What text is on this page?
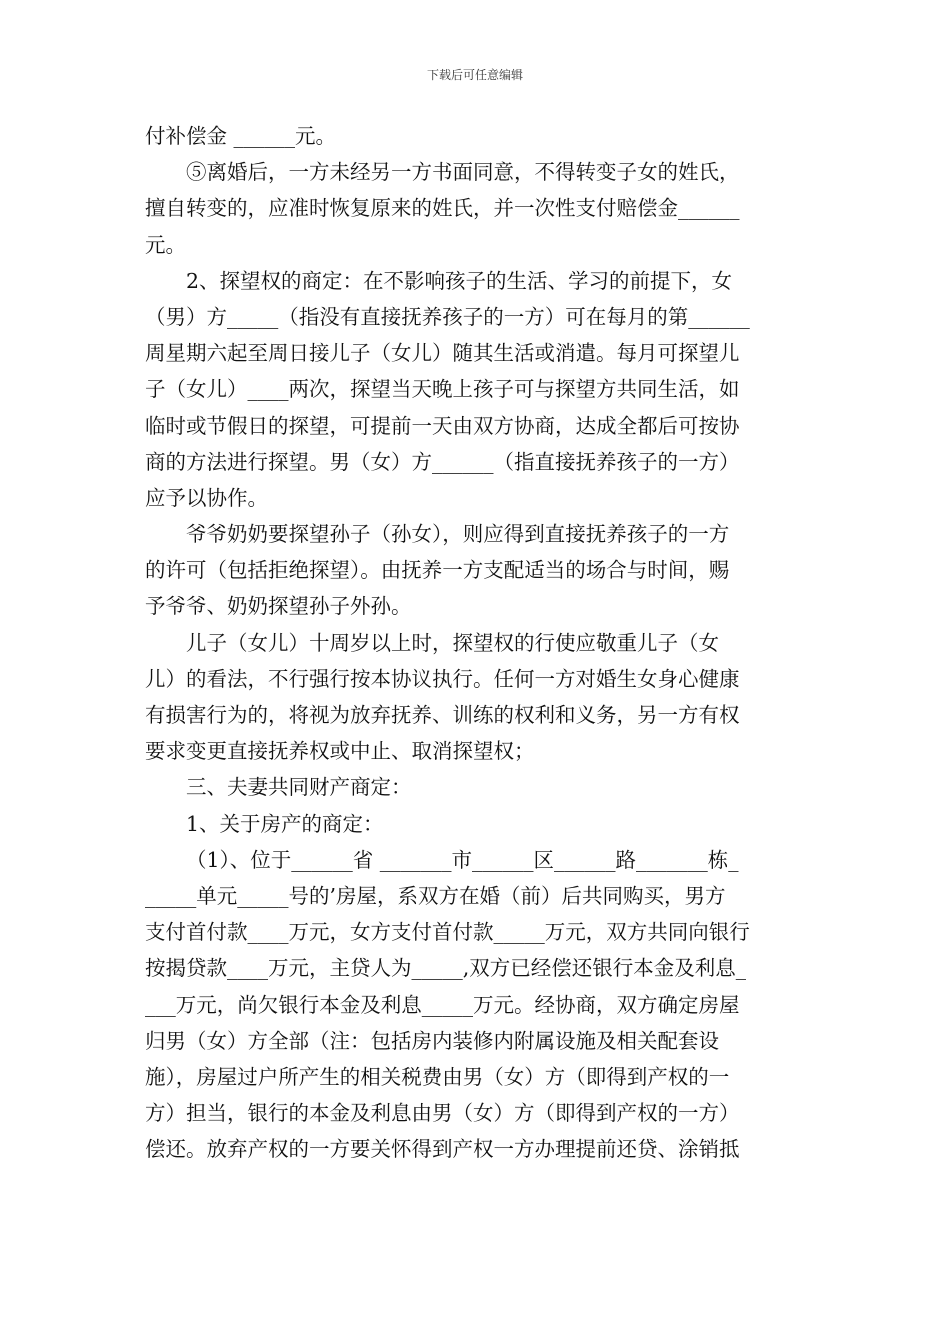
下载后可任意编辑
付补偿金 ______元。
⑤离婚后，一方未经另一方书面同意，不得转变子女的姓氏，
擅自转变的，应准时恢复原来的姓氏，并一次性支付赔偿金______
元。
2、探望权的商定：在不影响孩子的生活、学习的前提下，女
（男）方_____（指没有直接抚养孩子的一方）可在每月的第______
周星期六起至周日接儿子（女儿）随其生活或消遣。每月可探望儿
子（女儿）____两次，探望当天晚上孩子可与探望方共同生活，如
临时或节假日的探望，可提前一天由双方协商，达成全都后可按协
商的方法进行探望。男（女）方______（指直接抚养孩子的一方）
应予以协作。
爷爷奶奶要探望孙子（孙女），则应得到直接抚养孩子的一方
的许可（包括拒绝探望）。由抚养一方支配适当的场合与时间，赐
予爷爷、奶奶探望孙子外孙。
儿子（女儿）十周岁以上时，探望权的行使应敬重儿子（女
儿）的看法，不行强行按本协议执行。任何一方对婚生女身心健康
有损害行为的，将视为放弃抚养、训练的权利和义务，另一方有权
要求变更直接抚养权或中止、取消探望权；
三、夫妻共同财产商定：
1、关于房产的商定：
（1）、位于______省 _______市______区______路_______栋_
_____单元_____号的’房屋，系双方在婚（前）后共同购买，男方
支付首付款____万元，女方支付首付款_____万元，双方共同向银行
按揭贷款____万元，主贷人为_____,双方已经偿还银行本金及利息_
___万元，尚欠银行本金及利息_____万元。经协商，双方确定房屋
归男（女）方全部（注：包括房内装修内附属设施及相关配套设
施），房屋过户所产生的相关税费由男（女）方（即得到产权的一
方）担当，银行的本金及利息由男（女）方（即得到产权的一方）
偿还。放弃产权的一方要关怀得到产权一方办理提前还贷、涂销抵
